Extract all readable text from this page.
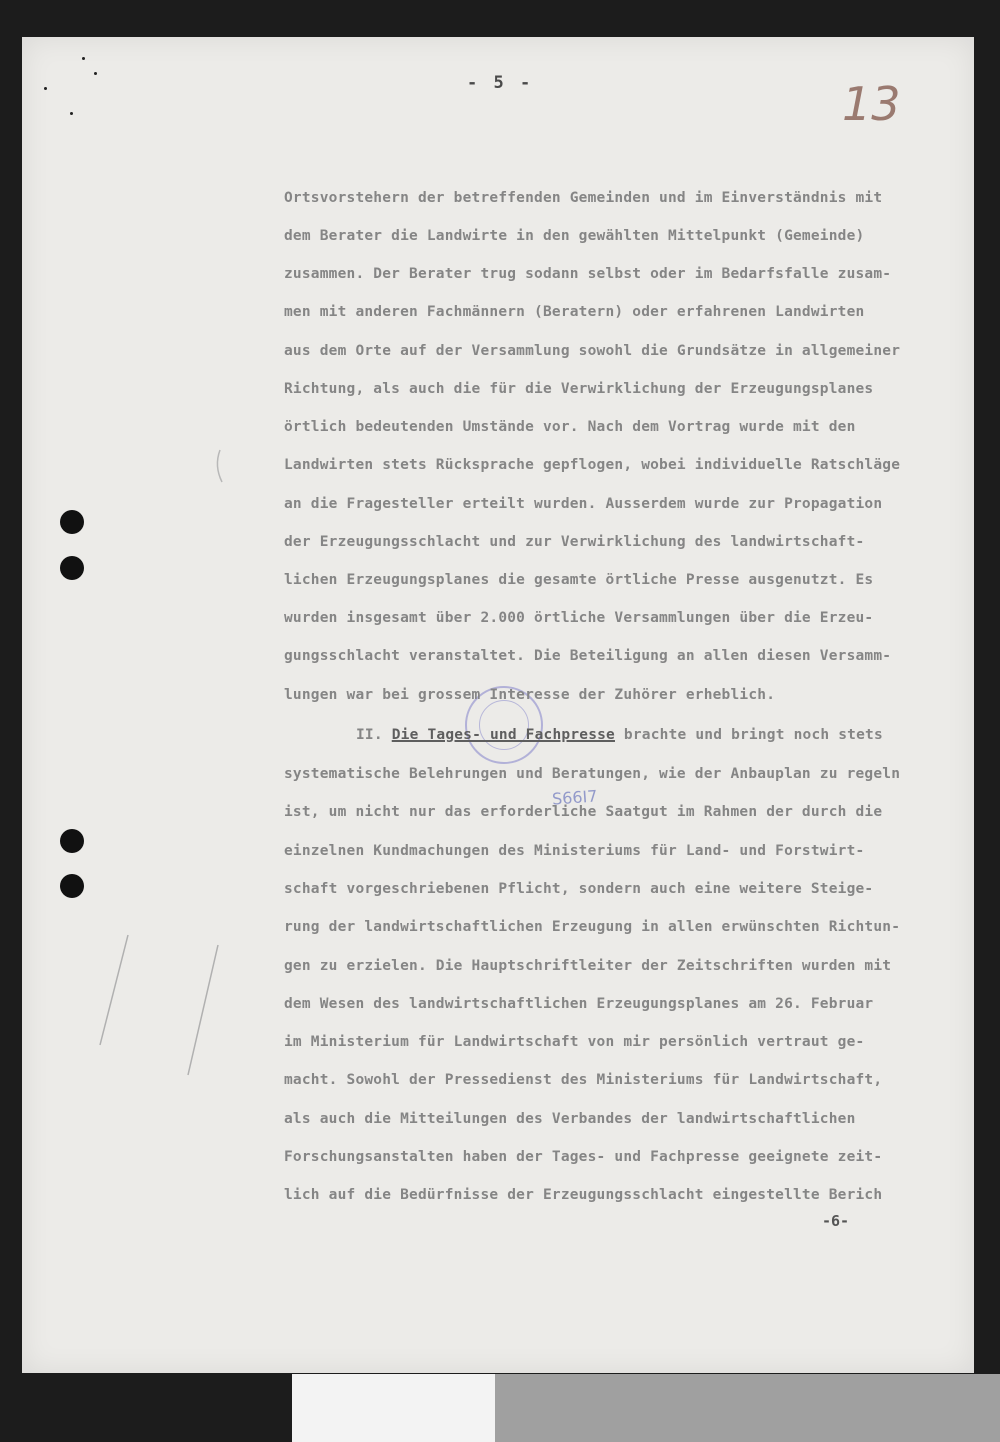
- 5 -	13
Ortsvorstehern der betreffenden Gemeinden und im Einverständnis mit
dem Berater die Landwirte in den gewählten Mittelpunkt (Gemeinde)
zusammen. Der Berater trug sodann selbst oder im Bedarfsfalle zusam-
men mit anderen Fachmännern (Beratern) oder erfahrenen Landwirten
aus dem Orte auf der Versammlung sowohl die Grundsätze in allgemeiner
Richtung, als auch die für die Verwirklichung der Erzeugungsplanes
örtlich bedeutenden Umstände vor. Nach dem Vortrag wurde mit den
Landwirten stets Rücksprache gepflogen, wobei individuelle Ratschläge
an die Fragesteller erteilt wurden. Ausserdem wurde zur Propagation
der Erzeugungsschlacht und zur Verwirklichung des landwirtschaft-
lichen Erzeugungsplanes die gesamte örtliche Presse ausgenutzt. Es
wurden insgesamt über 2.000 örtliche Versammlungen über die Erzeu-
gungsschlacht veranstaltet. Die Beteiligung an allen diesen Versamm-
lungen war bei grossem Interesse der Zuhörer erheblich.
II. Die Tages- und Fachpresse brachte und bringt noch stets
systematische Belehrungen und Beratungen, wie der Anbauplan zu regeln
ist, um nicht nur das erforderliche Saatgut im Rahmen der durch die
einzelnen Kundmachungen des Ministeriums für Land- und Forstwirt-
schaft vorgeschriebenen Pflicht, sondern auch eine weitere Steige-
rung der landwirtschaftlichen Erzeugung in allen erwünschten Richtun-
gen zu erzielen. Die Hauptschriftleiter der Zeitschriften wurden mit
dem Wesen des landwirtschaftlichen Erzeugungsplanes am 26. Februar
im Ministerium für Landwirtschaft von mir persönlich vertraut ge-
macht. Sowohl der Pressedienst des Ministeriums für Landwirtschaft,
als auch die Mitteilungen des Verbandes der landwirtschaftlichen
Forschungsanstalten haben der Tages- und Fachpresse geeignete zeit-
lich auf die Bedürfnisse der Erzeugungsschlacht eingestellte Berich
S66I7
-6-
